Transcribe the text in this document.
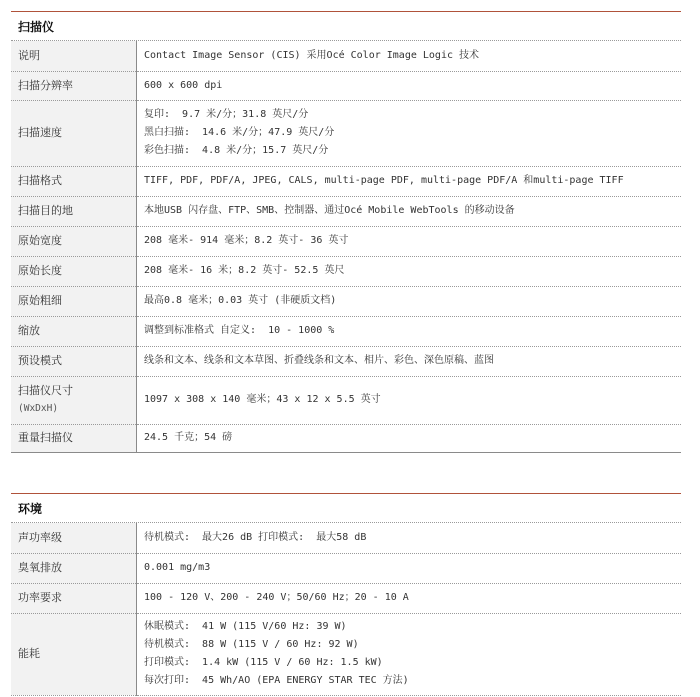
扫描仪
说明	Contact Image Sensor (CIS) 采用Océ Color Image Logic 技术

扫描分辨率	600 x 600 dpi

扫描速度	复印:  9.7 米/分；31.8 英尺/分
黑白扫描:  14.6 米/分；47.9 英尺/分
彩色扫描:  4.8 米/分；15.7 英尺/分

扫描格式	TIFF, PDF, PDF/A, JPEG, CALS, multi-page PDF, multi-page PDF/A 和multi-page TIFF

扫描目的地	本地USB 闪存盘、FTP、SMB、控制器、通过Océ Mobile WebTools 的移动设备

原始宽度	208 毫米- 914 毫米；8.2 英寸- 36 英寸

原始长度	208 毫米- 16 米；8.2 英寸- 52.5 英尺

原始粗细	最高0.8 毫米；0.03 英寸 (非硬质文档)

缩放	调整到标准格式 自定义:  10 - 1000 %

预设模式	线条和文本、线条和文本草图、折叠线条和文本、相片、彩色、深色原稿、蓝图

扫描仪尺寸
(WxDxH)	1097 x 308 x 140 毫米；43 x 12 x 5.5 英寸

重量扫描仪	24.5 千克；54 磅
环境
声功率级	待机模式:  最大26 dB 打印模式:  最大58 dB

臭氧排放	0.001 mg/m3

功率要求	100 - 120 V、200 - 240 V；50/60 Hz；20 - 10 A

能耗	休眠模式:  41 W (115 V/60 Hz: 39 W)
待机模式:  88 W (115 V / 60 Hz: 92 W)
打印模式:  1.4 kW (115 V / 60 Hz: 1.5 kW)
每次打印:  45 Wh/AO (EPA ENERGY STAR TEC 方法)
